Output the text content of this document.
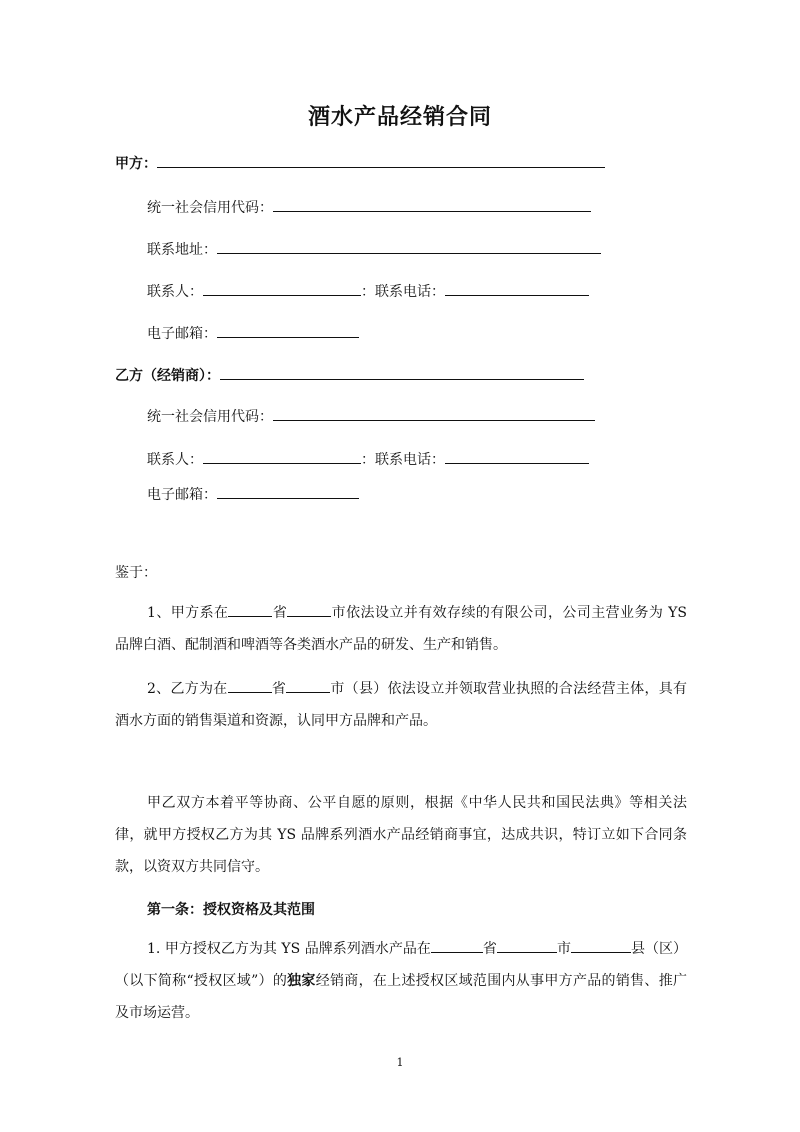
酒水产品经销合同
甲方：
统一社会信用代码：
联系地址：
联系人：	：联系电话：
电子邮箱：
乙方（经销商）：
统一社会信用代码：
联系人：	：联系电话：
电子邮箱：
鉴于：

1、甲方系在	省	市依法设立并有效存续的有限公司，公司主营业务为 YS 品牌白酒、配制酒和啤酒等各类酒水产品的研发、生产和销售。

2、乙方为在	省	市（县）依法设立并领取营业执照的合法经营主体，具有酒水方面的销售渠道和资源，认同甲方品牌和产品。

甲乙双方本着平等协商、公平自愿的原则，根据《中华人民共和国民法典》等相关法律，就甲方授权乙方为其 YS 品牌系列酒水产品经销商事宜，达成共识，特订立如下合同条款，以资双方共同信守。

第一条：授权资格及其范围

1. 甲方授权乙方为其 YS 品牌系列酒水产品在	省	市	县（区）（以下简称“授权区域”）的独家经销商，在上述授权区域范围内从事甲方产品的销售、推广及市场运营。

1
